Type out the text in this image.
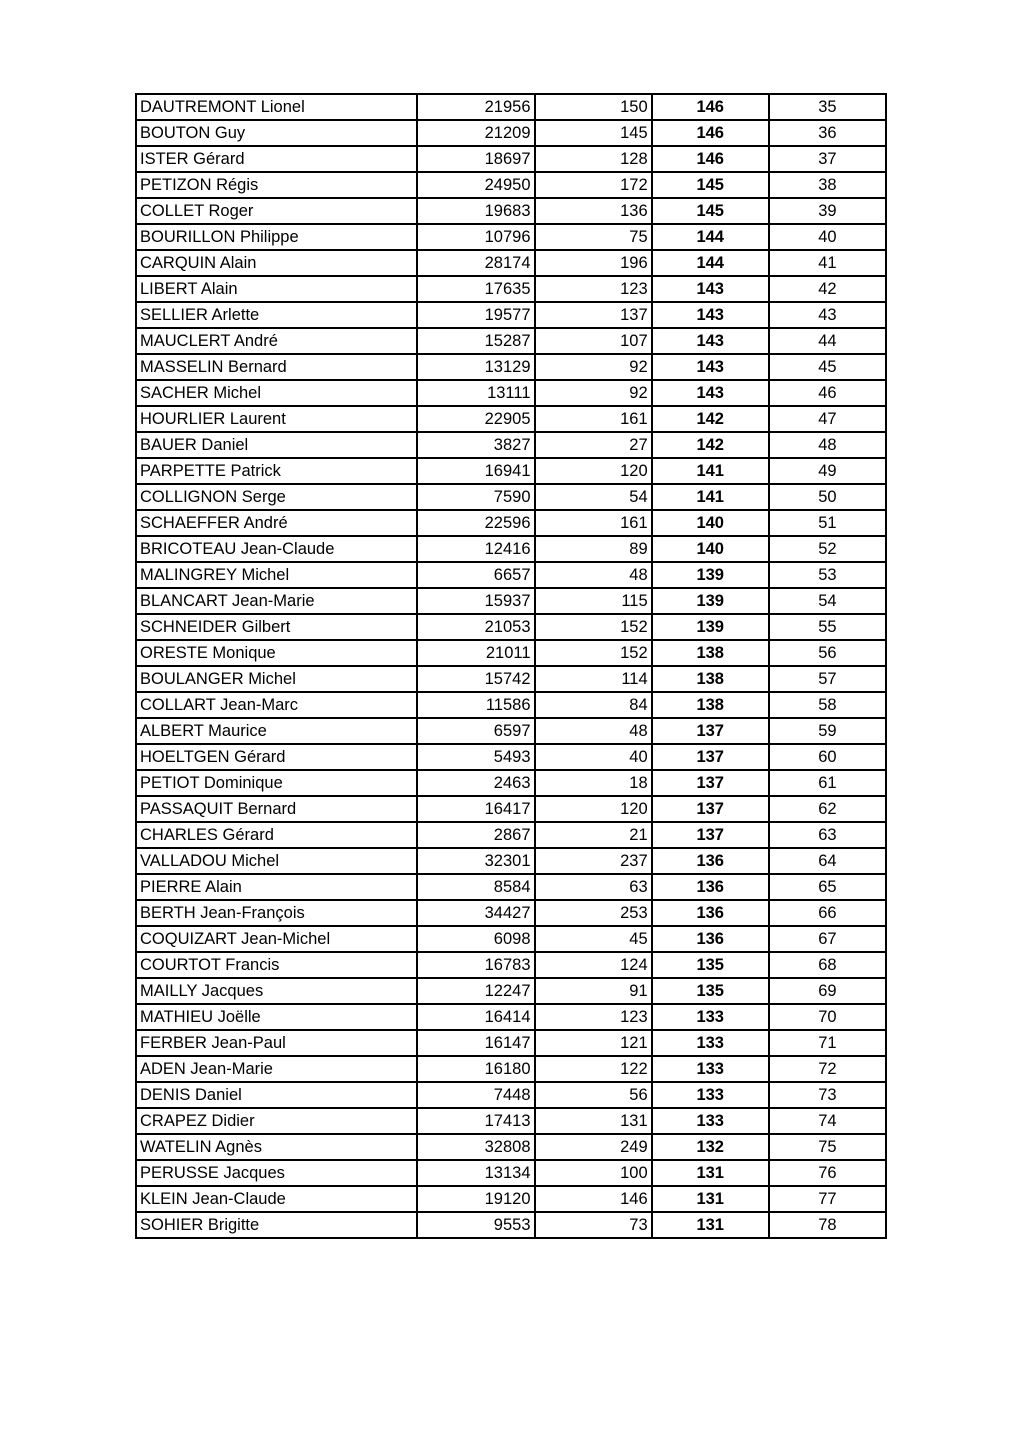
DAUTREMONT Lionel	21956	150	146	35
BOUTON Guy	21209	145	146	36
ISTER Gérard	18697	128	146	37
PETIZON Régis	24950	172	145	38
COLLET Roger	19683	136	145	39
BOURILLON Philippe	10796	75	144	40
CARQUIN Alain	28174	196	144	41
LIBERT Alain	17635	123	143	42
SELLIER Arlette	19577	137	143	43
MAUCLERT André	15287	107	143	44
MASSELIN Bernard	13129	92	143	45
SACHER Michel	13111	92	143	46
HOURLIER Laurent	22905	161	142	47
BAUER Daniel	3827	27	142	48
PARPETTE Patrick	16941	120	141	49
COLLIGNON Serge	7590	54	141	50
SCHAEFFER André	22596	161	140	51
BRICOTEAU Jean-Claude	12416	89	140	52
MALINGREY Michel	6657	48	139	53
BLANCART Jean-Marie	15937	115	139	54
SCHNEIDER Gilbert	21053	152	139	55
ORESTE Monique	21011	152	138	56
BOULANGER Michel	15742	114	138	57
COLLART Jean-Marc	11586	84	138	58
ALBERT Maurice	6597	48	137	59
HOELTGEN Gérard	5493	40	137	60
PETIOT Dominique	2463	18	137	61
PASSAQUIT Bernard	16417	120	137	62
CHARLES Gérard	2867	21	137	63
VALLADOU Michel	32301	237	136	64
PIERRE Alain	8584	63	136	65
BERTH Jean-François	34427	253	136	66
COQUIZART Jean-Michel	6098	45	136	67
COURTOT Francis	16783	124	135	68
MAILLY Jacques	12247	91	135	69
MATHIEU Joëlle	16414	123	133	70
FERBER Jean-Paul	16147	121	133	71
ADEN Jean-Marie	16180	122	133	72
DENIS Daniel	7448	56	133	73
CRAPEZ Didier	17413	131	133	74
WATELIN Agnès	32808	249	132	75
PERUSSE Jacques	13134	100	131	76
KLEIN Jean-Claude	19120	146	131	77
SOHIER Brigitte	9553	73	131	78
